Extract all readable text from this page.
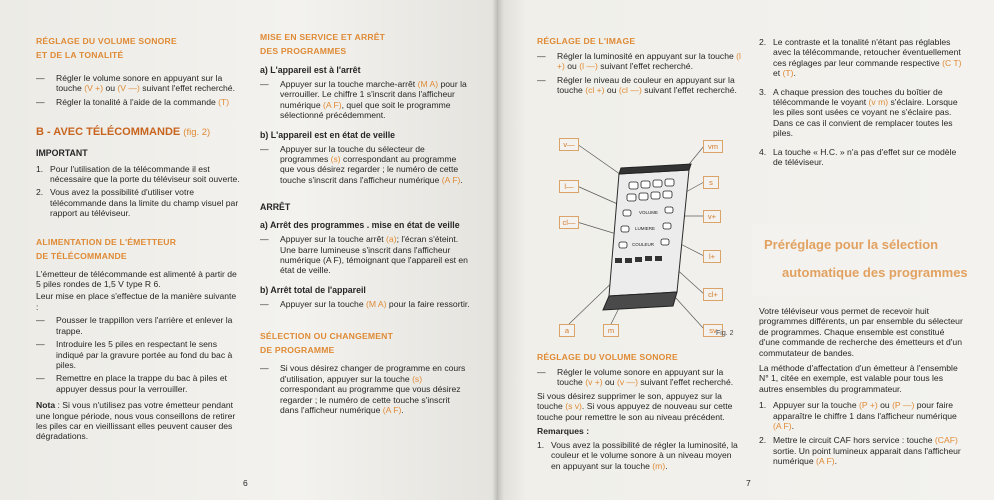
RÉGLAGE DU VOLUME SONORE
ET DE LA TONALITÉ
— Régler le volume sonore en appuyant sur la touche (V +) ou (V —) suivant l'effet recherché.
— Régler la tonalité à l'aide de la commande (T)
B - AVEC TÉLÉCOMMANDE (fig. 2)
IMPORTANT
1. Pour l'utilisation de la télécommande il est nécessaire que la porte du téléviseur soit ouverte.
2. Vous avez la possibilité d'utiliser votre télécommande dans la limite du champ visuel par rapport au téléviseur.
ALIMENTATION DE L'ÉMETTEUR
DE TÉLÉCOMMANDE
L'émetteur de télécommande est alimenté à partir de 5 piles rondes de 1,5 V type R 6.
Leur mise en place s'effectue de la manière suivante :
— Pousser le trappillon vers l'arrière et enlever la trappe.
— Introduire les 5 piles en respectant le sens indiqué par la gravure portée au fond du bac à piles.
— Remettre en place la trappe du bac à piles et appuyer dessus pour la verrouiller.
Nota : Si vous n'utilisez pas votre émetteur pendant une longue période, nous vous conseillons de retirer les piles car en vieillissant elles peuvent causer des dégradations.
MISE EN SERVICE ET ARRÊT
DES PROGRAMMES
a) L'appareil est à l'arrêt
— Appuyer sur la touche marche-arrêt (M A) pour la verrouiller. Le chiffre 1 s'inscrit dans l'afficheur numérique (A F), quel que soit le programme sélectionné précédemment.
b) L'appareil est en état de veille
— Appuyer sur la touche du sélecteur de programmes (s) correspondant au programme que vous désirez regarder ; le numéro de cette touche s'inscrit dans l'afficheur numérique (A F).
ARRÊT
a) Arrêt des programmes . mise en état de veille
— Appuyer sur la touche arrêt (a); l'écran s'éteint. Une barre lumineuse s'inscrit dans l'afficheur numérique (A F), témoignant que l'appareil est en état de veille.
b) Arrêt total de l'appareil
— Appuyer sur la touche (M A) pour la faire ressortir.
SÉLECTION OU CHANGEMENT
DE PROGRAMME
— Si vous désirez changer de programme en cours d'utilisation, appuyer sur la touche (s) correspondant au programme que vous désirez regarder ; le numéro de cette touche s'inscrit dans l'afficheur numérique (A F).
6
RÉGLAGE DE L'IMAGE
— Régler la luminosité en appuyant sur la touche (l +) ou (l —) suivant l'effet recherché.
— Régler le niveau de couleur en appuyant sur la touche (cl +) ou (cl —) suivant l'effet recherché.
VOLUME
LUMIERE
COULEUR
v—
l—
cl—
a	m
vm
s
v+
l+
cl+
sv Fig. 2
RÉGLAGE DU VOLUME SONORE
— Régler le volume sonore en appuyant sur la touche (v +) ou (v —) suivant l'effet recherché.
Si vous désirez supprimer le son, appuyez sur la touche (s v). Si vous appuyez de nouveau sur cette touche pour remettre le son au niveau précédent.
Remarques :
1. Vous avez la possibilité de régler la luminosité, la couleur et le volume sonore à un niveau moyen en appuyant sur la touche (m).
2. Le contraste et la tonalité n'étant pas réglables avec la télécommande, retoucher éventuellement ces réglages par leur commande respective (C T) et (T).
3. A chaque pression des touches du boîtier de télécommande le voyant (v m) s'éclaire. Lorsque les piles sont usées ce voyant ne s'éclaire pas. Dans ce cas il convient de remplacer toutes les piles.
4. La touche « H.C. » n'a pas d'effet sur ce modèle de téléviseur.
Votre téléviseur vous permet de recevoir huit programmes différents, un par ensemble du sélecteur de programmes. Chaque ensemble est constitué d'une commande de recherche des émetteurs et d'un commutateur de bandes.
La méthode d'affectation d'un émetteur à l'ensemble N° 1, citée en exemple, est valable pour tous les autres ensembles du programmateur.
1. Appuyer sur la touche (P +) ou (P —) pour faire apparaître le chiffre 1 dans l'afficheur numérique (A F).
2. Mettre le circuit CAF hors service : touche (CAF) sortie. Un point lumineux apparait dans l'afficheur numérique (A F).
7
Préréglage pour la sélection
automatique des programmes
